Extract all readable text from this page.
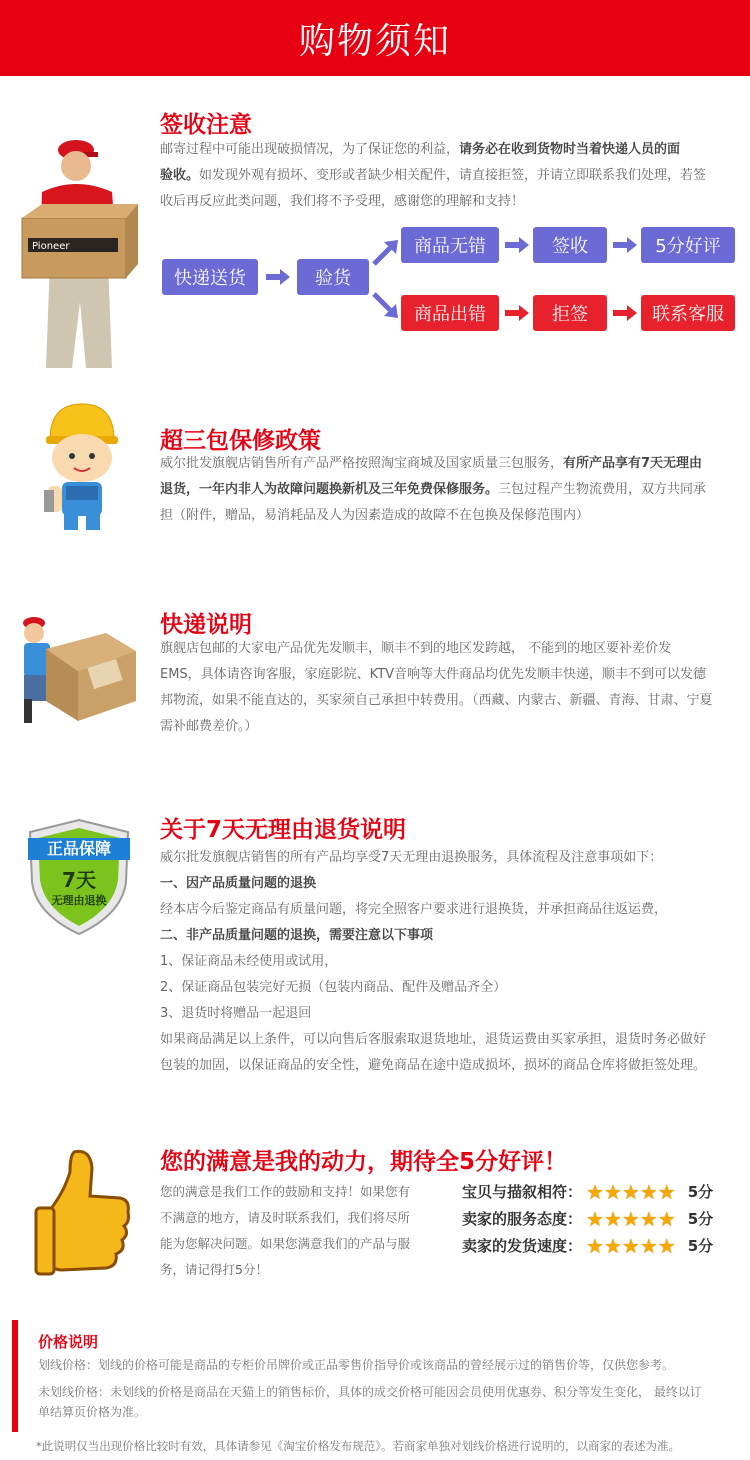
购物须知
Pioneer

签收注意

邮寄过程中可能出现破损情况，为了保证您的利益，请务必在收到货物时当着快递人员的面
验收。如发现外观有损坏、变形或者缺少相关配件，请直接拒签，并请立即联系我们处理，若签
收后再反应此类问题，我们将不予受理，感谢您的理解和支持！
快递送货	验货
商品无错	签收	5分好评
商品出错	拒签	联系客服

超三包保修政策

威尔批发旗舰店销售所有产品严格按照淘宝商城及国家质量三包服务，有所产品享有7天无理由
退货，一年内非人为故障问题换新机及三年免费保修服务。三包过程产生物流费用，双方共同承
担（附件，赠品，易消耗品及人为因素造成的故障不在包换及保修范围内）

快递说明

旗舰店包邮的大家电产品优先发顺丰，顺丰不到的地区发跨越， 不能到的地区要补差价发
EMS，具体请咨询客服，家庭影院、KTV音响等大件商品均优先发顺丰快递，顺丰不到可以发德
邦物流，如果不能直达的，买家须自己承担中转费用。（西藏、内蒙古、新疆、青海、甘肃、宁夏
需补邮费差价。）
正品保障
7天
无理由退换

关于7天无理由退货说明

威尔批发旗舰店销售的所有产品均享受7天无理由退换服务，具体流程及注意事项如下：
一、因产品质量问题的退换
经本店今后鉴定商品有质量问题，将完全照客户要求进行退换货，并承担商品往返运费，
二、非产品质量问题的退换，需要注意以下事项
1、保证商品未经使用或试用，
2、保证商品包装完好无损（包装内商品、配件及赠品齐全）
3、退货时将赠品一起退回
如果商品满足以上条件，可以向售后客服索取退货地址，退货运费由买家承担，退货时务必做好
包装的加固，以保证商品的安全性，避免商品在途中造成损坏，损坏的商品仓库将做拒签处理。

您的满意是我的动力，期待全5分好评！

您的满意是我们工作的鼓励和支持！如果您有
不满意的地方，请及时联系我们，我们将尽所
能为您解决问题。如果您满意我们的产品与服
务，请记得打5分！
宝贝与描叙相符： ★ ★ ★ ★ ★ 5分
卖家的服务态度： ★ ★ ★ ★ ★ 5分
卖家的发货速度： ★ ★ ★ ★ ★ 5分
价格说明
划线价格：划线的价格可能是商品的专柜价吊牌价或正品零售价指导价或该商品的曾经展示过的销售价等，仅供您参考。
未划线价格：未划线的价格是商品在天猫上的销售标价，具体的成交价格可能因会员使用优惠券、积分等发生变化， 最终以订
单结算页价格为准。
*此说明仅当出现价格比较时有效，具体请参见《淘宝价格发布规范》。若商家单独对划线价格进行说明的，以商家的表述为准。
